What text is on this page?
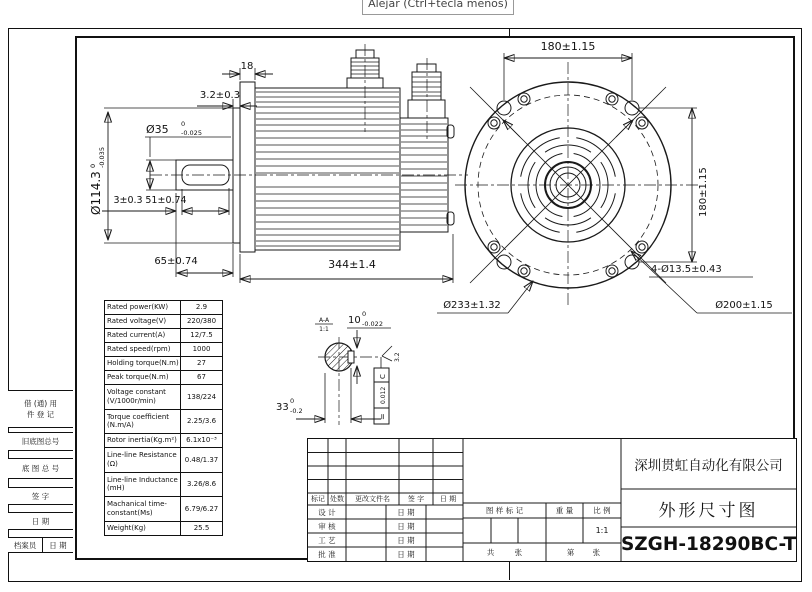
Alejar (Ctrl+tecla menos)
18
3.2±0.3
Ø35 0
-0.025
Ø114.3
0 -0.035
3±0.3 51±0.74
65±0.74	344±1.4
180±1.15
180±1.15
4-Ø13.5±0.43
Ø233±1.32	Ø200±1.15
A-A
1:1
10
0
-0.022
33
0
-0.2
3.2
C
0.012
=
Rated power(KW)	2.9
Rated voltage(V)	220/380
Rated current(A)	12/7.5
Rated speed(rpm)	1000
Holding torque(N.m)	27
Peak torque(N.m)	67
Voltage constant (V/1000r/min)	138/224
Torque coefficient (N.m/A)	2.25/3.6
Rotor inertia(Kg.m²)	6.1x10⁻³
Line-line Resistance (Ω)	0.48/1.37
Line-line Inductance (mH)	3.26/8.6
Machanical time-constant(Ms)	6.79/6.27
Weight(Kg)	25.5
标记 处数	更改文件名	签 字	日 期
设 计	日 期
审 核	日 期
工 艺	日 期
批 准	日 期
图 样 标 记	重 量	比 例
1:1
共 张	第 张
深圳贯虹自动化有限公司
外形尺寸图
SZGH-18290BC-T
借 (通) 用
件 登 记
旧底图总号
底 图 总 号
签 字
日 期
档案员	日 期
